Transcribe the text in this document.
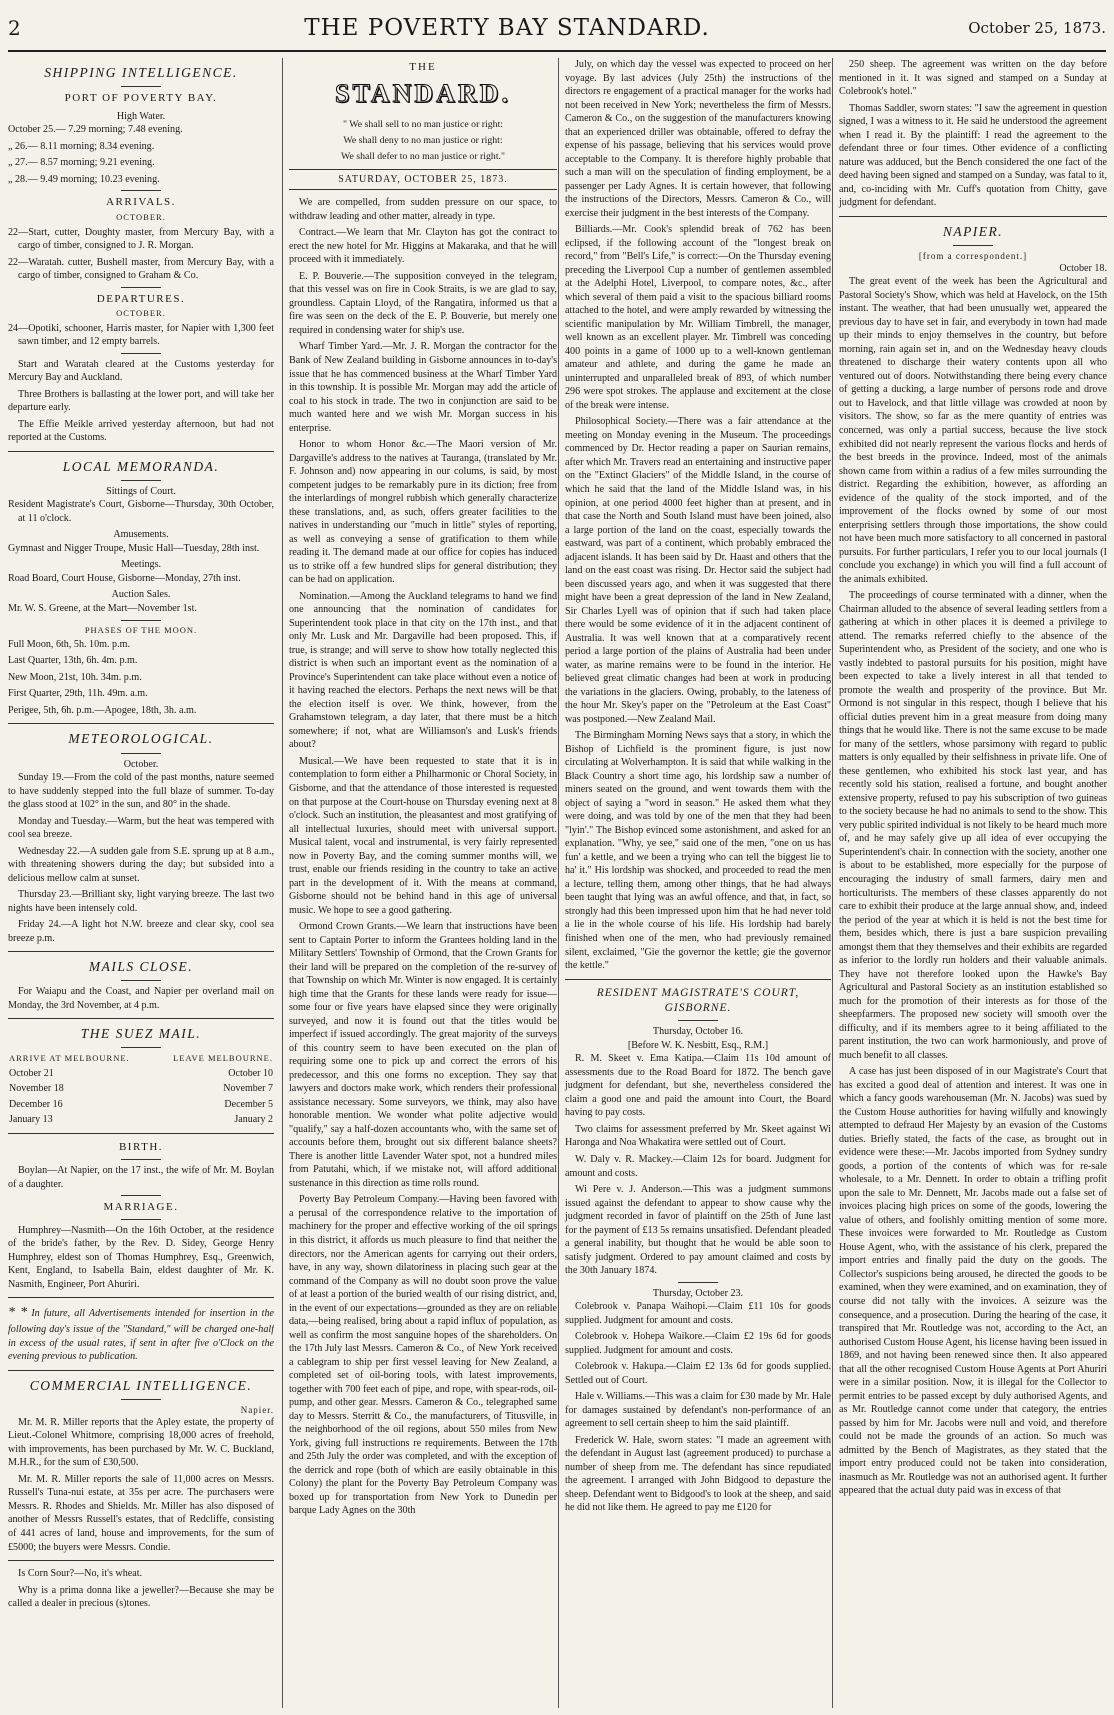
2	THE POVERTY BAY STANDARD.	October 25, 1873.
SHIPPING INTELLIGENCE.
PORT OF POVERTY BAY.
High Water.

October 25.— 7.29 morning; 7.48 evening.

„ 26.— 8.11 morning; 8.34 evening.

„ 27.— 8.57 morning; 9.21 evening.

„ 28.— 9.49 morning; 10.23 evening.

ARRIVALS.
OCTOBER.

22—Start, cutter, Doughty master, from Mercury Bay, with a cargo of timber, consigned to J. R. Morgan.

22—Waratah. cutter, Bushell master, from Mercury Bay, with a cargo of timber, consigned to Graham & Co.

DEPARTURES.
OCTOBER.

24—Opotiki, schooner, Harris master, for Napier with 1,300 feet sawn timber, and 12 empty barrels.

Start and Waratah cleared at the Customs yesterday for Mercury Bay and Auckland.

Three Brothers is ballasting at the lower port, and will take her departure early.

The Effie Meikle arrived yesterday afternoon, but had not reported at the Customs.

LOCAL MEMORANDA.
Sittings of Court.

Resident Magistrate's Court, Gisborne—Thursday, 30th October, at 11 o'clock.

Amusements.

Gymnast and Nigger Troupe, Music Hall—Tuesday, 28th inst.

Meetings.

Road Board, Court House, Gisborne—Monday, 27th inst.

Auction Sales.

Mr. W. S. Greene, at the Mart—November 1st.

PHASES OF THE MOON.

Full Moon, 6th, 5h. 10m. p.m.

Last Quarter, 13th, 6h. 4m. p.m.

New Moon, 21st, 10h. 34m. p.m.

First Quarter, 29th, 11h. 49m. a.m.

Perigee, 5th, 6h. p.m.—Apogee, 18th, 3h. a.m.

METEOROLOGICAL.
October.

Sunday 19.—From the cold of the past months, nature seemed to have suddenly stepped into the full blaze of summer. To-day the glass stood at 102° in the sun, and 80° in the shade.

Monday and Tuesday.—Warm, but the heat was tempered with cool sea breeze.

Wednesday 22.—A sudden gale from S.E. sprung up at 8 a.m., with threatening showers during the day; but subsided into a delicious mellow calm at sunset.

Thursday 23.—Brilliant sky, light varying breeze. The last two nights have been intensely cold.

Friday 24.—A light hot N.W. breeze and clear sky, cool sea breeze p.m.

MAILS CLOSE.

For Waiapu and the Coast, and Napier per overland mail on Monday, the 3rd November, at 4 p.m.

THE SUEZ MAIL.
ARRIVE AT MELBOURNE.	LEAVE MELBOURNE.
October 21	October 10
November 18	November 7
December 16	December 5
January 13	January 2
BIRTH.

Boylan—At Napier, on the 17 inst., the wife of Mr. M. Boylan of a daughter.

MARRIAGE.

Humphrey—Nasmith—On the 16th October, at the residence of the bride's father, by the Rev. D. Sidey, George Henry Humphrey, eldest son of Thomas Humphrey, Esq., Greenwich, Kent, England, to Isabella Bain, eldest daughter of Mr. K. Nasmith, Engineer, Port Ahuriri.

* * In future, all Advertisements intended for insertion in the following day's issue of the "Standard," will be charged one-half in excess of the usual rates, if sent in after five o'Clock on the evening previous to publication.

COMMERCIAL INTELLIGENCE.
Napier.

Mr. M. R. Miller reports that the Apley estate, the property of Lieut.-Colonel Whitmore, comprising 18,000 acres of freehold, with improvements, has been purchased by Mr. W. C. Buckland, M.H.R., for the sum of £30,500.

Mr. M. R. Miller reports the sale of 11,000 acres on Messrs. Russell's Tuna-nui estate, at 35s per acre. The purchasers were Messrs. R. Rhodes and Shields. Mr. Miller has also disposed of another of Messrs Russell's estates, that of Redcliffe, consisting of 441 acres of land, house and improvements, for the sum of £5000; the buyers were Messrs. Condie.

Is Corn Sour?—No, it's wheat.

Why is a prima donna like a jeweller?—Because she may be called a dealer in precious (s)tones.

THE
STANDARD.

" We shall sell to no man justice or right:

We shall deny to no man justice or right:

We shall defer to no man justice or right."

SATURDAY, OCTOBER 25, 1873.

We are compelled, from sudden pressure on our space, to withdraw leading and other matter, already in type.

Contract.—We learn that Mr. Clayton has got the contract to erect the new hotel for Mr. Higgins at Makaraka, and that he will proceed with it immediately.

E. P. Bouverie.—The supposition conveyed in the telegram, that this vessel was on fire in Cook Straits, is we are glad to say, groundless. Captain Lloyd, of the Rangatira, informed us that a fire was seen on the deck of the E. P. Bouverie, but merely one required in condensing water for ship's use.

Wharf Timber Yard.—Mr. J. R. Morgan the contractor for the Bank of New Zealand building in Gisborne announces in to-day's issue that he has commenced business at the Wharf Timber Yard in this township. It is possible Mr. Morgan may add the article of coal to his stock in trade. The two in conjunction are said to be much wanted here and we wish Mr. Morgan success in his enterprise.

Honor to whom Honor &c.—The Maori version of Mr. Dargaville's address to the natives at Tauranga, (translated by Mr. F. Johnson and) now appearing in our colums, is said, by most competent judges to be remarkably pure in its diction; free from the interlardings of mongrel rubbish which generally characterize these translations, and, as such, offers greater facilities to the natives in understanding our "much in little" styles of reporting, as well as conveying a sense of gratification to them while reading it. The demand made at our office for copies has induced us to strike off a few hundred slips for general distribution; they can be had on application.

Nomination.—Among the Auckland telegrams to hand we find one announcing that the nomination of candidates for Superintendent took place in that city on the 17th inst., and that only Mr. Lusk and Mr. Dargaville had been proposed. This, if true, is strange; and will serve to show how totally neglected this district is when such an important event as the nomination of a Province's Superintendent can take place without even a notice of it having reached the electors. Perhaps the next news will be that the election itself is over. We think, however, from the Grahamstown telegram, a day later, that there must be a hitch somewhere; if not, what are Williamson's and Lusk's friends about?

Musical.—We have been requested to state that it is in contemplation to form either a Philharmonic or Choral Society, in Gisborne, and that the attendance of those interested is requested on that purpose at the Court-house on Thursday evening next at 8 o'clock. Such an institution, the pleasantest and most gratifying of all intellectual luxuries, should meet with universal support. Musical talent, vocal and instrumental, is very fairly represented now in Poverty Bay, and the coming summer months will, we trust, enable our friends residing in the country to take an active part in the development of it. With the means at command, Gisborne should not be behind hand in this age of universal music. We hope to see a good gathering.

Ormond Crown Grants.—We learn that instructions have been sent to Captain Porter to inform the Grantees holding land in the Military Settlers' Township of Ormond, that the Crown Grants for their land will be prepared on the completion of the re-survey of that Township on which Mr. Winter is now engaged. It is certainly high time that the Grants for these lands were ready for issue—some four or five years have elapsed since they were originally surveyed, and now it is found out that the titles would be imperfect if issued accordingly. The great majority of the surveys of this country seem to have been executed on the plan of requiring some one to pick up and correct the errors of his predecessor, and this one forms no exception. They say that lawyers and doctors make work, which renders their professional assistance necessary. Some surveyors, we think, may also have honorable mention. We wonder what polite adjective would "qualify," say a half-dozen accountants who, with the same set of accounts before them, brought out six different balance sheets? There is another little Lavender Water spot, not a hundred miles from Patutahi, which, if we mistake not, will afford additional sustenance in this direction as time rolls round.

Poverty Bay Petroleum Company.—Having been favored with a perusal of the correspondence relative to the importation of machinery for the proper and effective working of the oil springs in this district, it affords us much pleasure to find that neither the directors, nor the American agents for carrying out their orders, have, in any way, shown dilatoriness in placing such gear at the command of the Company as will no doubt soon prove the value of at least a portion of the buried wealth of our rising district, and, in the event of our expectations—grounded as they are on reliable data,—being realised, bring about a rapid influx of population, as well as confirm the most sanguine hopes of the shareholders. On the 17th July last Messrs. Cameron & Co., of New York received a cablegram to ship per first vessel leaving for New Zealand, a completed set of oil-boring tools, with latest improvements, together with 700 feet each of pipe, and rope, with spear-rods, oil-pump, and other gear. Messrs. Cameron & Co., telegraphed same day to Messrs. Sterritt & Co., the manufacturers, of Titusville, in the neighborhood of the oil regions, about 550 miles from New York, giving full instructions re requirements. Between the 17th and 25th July the order was completed, and with the exception of the derrick and rope (both of which are easily obtainable in this Colony) the plant for the Poverty Bay Petroleum Company was boxed up for transportation from New York to Dunedin per barque Lady Agnes on the 30th

July, on which day the vessel was expected to proceed on her voyage. By last advices (July 25th) the instructions of the directors re engagement of a practical manager for the works had not been received in New York; nevertheless the firm of Messrs. Cameron & Co., on the suggestion of the manufacturers knowing that an experienced driller was obtainable, offered to defray the expense of his passage, believing that his services would prove acceptable to the Company. It is therefore highly probable that such a man will on the speculation of finding employment, be a passenger per Lady Agnes. It is certain however, that following the instructions of the Directors, Messrs. Cameron & Co., will exercise their judgment in the best interests of the Company.

Billiards.—Mr. Cook's splendid break of 762 has been eclipsed, if the following account of the "longest break on record," from "Bell's Life," is correct:—On the Thursday evening preceding the Liverpool Cup a number of gentlemen assembled at the Adelphi Hotel, Liverpool, to compare notes, &c., after which several of them paid a visit to the spacious billiard rooms attached to the hotel, and were amply rewarded by witnessing the scientific manipulation by Mr. William Timbrell, the manager, well known as an excellent player. Mr. Timbrell was conceding 400 points in a game of 1000 up to a well-known gentleman amateur and athlete, and during the game he made an uninterrupted and unparalleled break of 893, of which number 296 were spot strokes. The applause and excitement at the close of the break were intense.

Philosophical Society.—There was a fair attendance at the meeting on Monday evening in the Museum. The proceedings commenced by Dr. Hector reading a paper on Saurian remains, after which Mr. Travers read an entertaining and instructive paper on the "Extinct Glaciers" of the Middle Island, in the course of which he said that the land of the Middle Island was, in his opinion, at one period 4000 feet higher than at present, and in that case the North and South Island must have been joined, also a large portion of the land on the coast, especially towards the eastward, was part of a continent, which probably embraced the adjacent islands. It has been said by Dr. Haast and others that the land on the east coast was rising. Dr. Hector said the subject had been discussed years ago, and when it was suggested that there might have been a great depression of the land in New Zealand, Sir Charles Lyell was of opinion that if such had taken place there would be some evidence of it in the adjacent continent of Australia. It was well known that at a comparatively recent period a large portion of the plains of Australia had been under water, as marine remains were to be found in the interior. He believed great climatic changes had been at work in producing the variations in the glaciers. Owing, probably, to the lateness of the hour Mr. Skey's paper on the "Petroleum at the East Coast" was postponed.—New Zealand Mail.

The Birmingham Morning News says that a story, in which the Bishop of Lichfield is the prominent figure, is just now circulating at Wolverhampton. It is said that while walking in the Black Country a short time ago, his lordship saw a number of miners seated on the ground, and went towards them with the object of saying a "word in season." He asked them what they were doing, and was told by one of the men that they had been "lyin'." The Bishop evinced some astonishment, and asked for an explanation. "Why, ye see," said one of the men, "one on us has fun' a kettle, and we been a trying who can tell the biggest lie to ha' it." His lordship was shocked, and proceeded to read the men a lecture, telling them, among other things, that he had always been taught that lying was an awful offence, and that, in fact, so strongly had this been impressed upon him that he had never told a lie in the whole course of his life. His lordship had barely finished when one of the men, who had previously remained silent, exclaimed, "Gie the governor the kettle; gie the governor the kettle."

RESIDENT MAGISTRATE'S COURT, GISBORNE.
Thursday, October 16.
[Before W. K. Nesbitt, Esq., R.M.]

R. M. Skeet v. Ema Katipa.—Claim 11s 10d amount of assessments due to the Road Board for 1872. The bench gave judgment for defendant, but she, nevertheless considered the claim a good one and paid the amount into Court, the Board having to pay costs.

Two claims for assessment preferred by Mr. Skeet against Wi Haronga and Noa Whakatira were settled out of Court.

W. Daly v. R. Mackey.—Claim 12s for board. Judgment for amount and costs.

Wi Pere v. J. Anderson.—This was a judgment summons issued against the defendant to appear to show cause why the judgment recorded in favor of plaintiff on the 25th of June last for the payment of £13 5s remains unsatisfied. Defendant pleaded a general inability, but thought that he would be able soon to satisfy judgment. Ordered to pay amount claimed and costs by the 30th January 1874.

Thursday, October 23.

Colebrook v. Panapa Waihopi.—Claim £11 10s for goods supplied. Judgment for amount and costs.

Colebrook v. Hohepa Waikore.—Claim £2 19s 6d for goods supplied. Judgment for amount and costs.

Colebrook v. Hakupa.—Claim £2 13s 6d for goods supplied. Settled out of Court.

Hale v. Williams.—This was a claim for £30 made by Mr. Hale for damages sustained by defendant's non-performance of an agreement to sell certain sheep to him the said plaintiff.

Frederick W. Hale, sworn states: "I made an agreement with the defendant in August last (agreement produced) to purchase a number of sheep from me. The defendant has since repudiated the agreement. I arranged with John Bidgood to depasture the sheep. Defendant went to Bidgood's to look at the sheep, and said he did not like them. He agreed to pay me £120 for

250 sheep. The agreement was written on the day before mentioned in it. It was signed and stamped on a Sunday at Colebrook's hotel."

Thomas Saddler, sworn states: "I saw the agreement in question signed, I was a witness to it. He said he understood the agreement when I read it. By the plaintiff: I read the agreement to the defendant three or four times. Other evidence of a conflicting nature was adduced, but the Bench considered the one fact of the deed having been signed and stamped on a Sunday, was fatal to it, and, co-inciding with Mr. Cuff's quotation from Chitty, gave judgment for defendant.

NAPIER.
[from a correspondent.]
October 18.

The great event of the week has been the Agricultural and Pastoral Society's Show, which was held at Havelock, on the 15th instant. The weather, that had been unusually wet, appeared the previous day to have set in fair, and everybody in town had made up their minds to enjoy themselves in the country, but before morning, rain again set in, and on the Wednesday heavy clouds threatened to discharge their watery contents upon all who ventured out of doors. Notwithstanding there being every chance of getting a ducking, a large number of persons rode and drove out to Havelock, and that little village was crowded at noon by visitors. The show, so far as the mere quantity of entries was concerned, was only a partial success, because the live stock exhibited did not nearly represent the various flocks and herds of the best breeds in the province. Indeed, most of the animals shown came from within a radius of a few miles surrounding the district. Regarding the exhibition, however, as affording an evidence of the quality of the stock imported, and of the improvement of the flocks owned by some of our most enterprising settlers through those importations, the show could not have been much more satisfactory to all concerned in pastoral pursuits. For further particulars, I refer you to our local journals (I conclude you exchange) in which you will find a full account of the animals exhibited.

The proceedings of course terminated with a dinner, when the Chairman alluded to the absence of several leading settlers from a gathering at which in other places it is deemed a privilege to attend. The remarks referred chiefly to the absence of the Superintendent who, as President of the society, and one who is vastly indebted to pastoral pursuits for his position, might have been expected to take a lively interest in all that tended to promote the wealth and prosperity of the province. But Mr. Ormond is not singular in this respect, though I believe that his official duties prevent him in a great measure from doing many things that he would like. There is not the same excuse to be made for many of the settlers, whose parsimony with regard to public matters is only equalled by their selfishness in private life. One of these gentlemen, who exhibited his stock last year, and has recently sold his station, realised a fortune, and bought another extensive property, refused to pay his subscription of two guineas to the society because he had no animals to send to the show. This very public spirited individual is not likely to be heard much more of, and he may safely give up all idea of ever occupying the Superintendent's chair. In connection with the society, another one is about to be established, more especially for the purpose of encouraging the industry of small farmers, dairy men and horticulturists. The members of these classes apparently do not care to exhibit their produce at the large annual show, and, indeed the period of the year at which it is held is not the best time for them, besides which, there is just a bare suspicion prevailing amongst them that they themselves and their exhibits are regarded as inferior to the lordly run holders and their valuable animals. They have not therefore looked upon the Hawke's Bay Agricultural and Pastoral Society as an institution established so much for the promotion of their interests as for those of the sheepfarmers. The proposed new society will smooth over the difficulty, and if its members agree to it being affiliated to the parent institution, the two can work harmoniously, and prove of much benefit to all classes.

A case has just been disposed of in our Magistrate's Court that has excited a good deal of attention and interest. It was one in which a fancy goods warehouseman (Mr. N. Jacobs) was sued by the Custom House authorities for having wilfully and knowingly attempted to defraud Her Majesty by an evasion of the Customs duties. Briefly stated, the facts of the case, as brought out in evidence were these:—Mr. Jacobs imported from Sydney sundry goods, a portion of the contents of which was for re-sale wholesale, to a Mr. Dennett. In order to obtain a trifling profit upon the sale to Mr. Dennett, Mr. Jacobs made out a false set of invoices placing high prices on some of the goods, lowering the value of others, and foolishly omitting mention of some more. These invoices were forwarded to Mr. Routledge as Custom House Agent, who, with the assistance of his clerk, prepared the import entries and finally paid the duty on the goods. The Collector's suspicions being aroused, he directed the goods to be examined, when they were examined, and on examination, they of course did not tally with the invoices. A seizure was the consequence, and a prosecution. During the hearing of the case, it transpired that Mr. Routledge was not, according to the Act, an authorised Custom House Agent, his license having been issued in 1869, and not having been renewed since then. It also appeared that all the other recognised Custom House Agents at Port Ahuriri were in a similar position. Now, it is illegal for the Collector to permit entries to be passed except by duly authorised Agents, and as Mr. Routledge cannot come under that category, the entries passed by him for Mr. Jacobs were null and void, and therefore could not be made the grounds of an action. So much was admitted by the Bench of Magistrates, as they stated that the import entry produced could not be taken into consideration, inasmuch as Mr. Routledge was not an authorised agent. It further appeared that the actual duty paid was in excess of that
